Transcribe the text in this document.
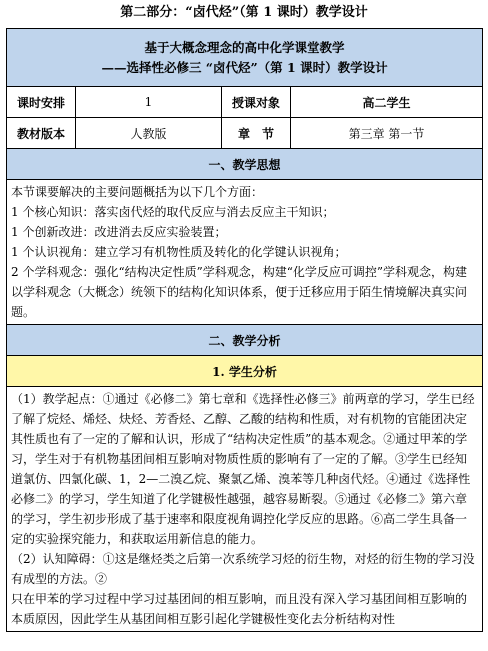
第二部分：“卤代烃”（第 1 课时）教学设计
基于大概念理念的高中化学课堂教学
——选择性必修三 “卤代烃”（第 1 课时）教学设计			

课时安排	1	授课对象	高二学生
教材版本	人教版	章　节	第三章 第一节
一、教学思想			

本节课要解决的主要问题概括为以下几个方面：

1 个核心知识：落实卤代烃的取代反应与消去反应主干知识；

1 个创新改进：改进消去反应实验装置；

1 个认识视角：建立学习有机物性质及转化的化学键认识视角；

2 个学科观念：强化“结构决定性质”学科观念，构建“化学反应可调控”学科观念，构建以学科观念（大概念）统领下的结构化知识体系，便于迁移应用于陌生情境解决真实问题。			

二、教学分析			
1. 学生分析			

（1）教学起点：①通过《必修二》第七章和《选择性必修三》前两章的学习，学生已经了解了烷烃、烯烃、炔烃、芳香烃、乙醇、乙酸的结构和性质，对有机物的官能团决定其性质也有了一定的了解和认识，形成了“结构决定性质”的基本观念。②通过甲苯的学习，学生对于有机物基团间相互影响对物质性质的影响有了一定的了解。③学生已经知道氯仿、四氯化碳、1，2—二溴乙烷、聚氯乙烯、溴苯等几种卤代烃。④通过《选择性必修二》的学习，学生知道了化学键极性越强，越容易断裂。⑤通过《必修二》第六章的学习，学生初步形成了基于速率和限度视角调控化学反应的思路。⑥高二学生具备一定的实验探究能力，和获取运用新信息的能力。

（2）认知障碍：①这是继烃类之后第一次系统学习烃的衍生物，对烃的衍生物的学习没有成型的方法。②

只在甲苯的学习过程中学习过基团间的相互影响，而且没有深入学习基团间相互影响的本质原因，因此学生从基团间相互影引起化学键极性变化去分析结构对性			
